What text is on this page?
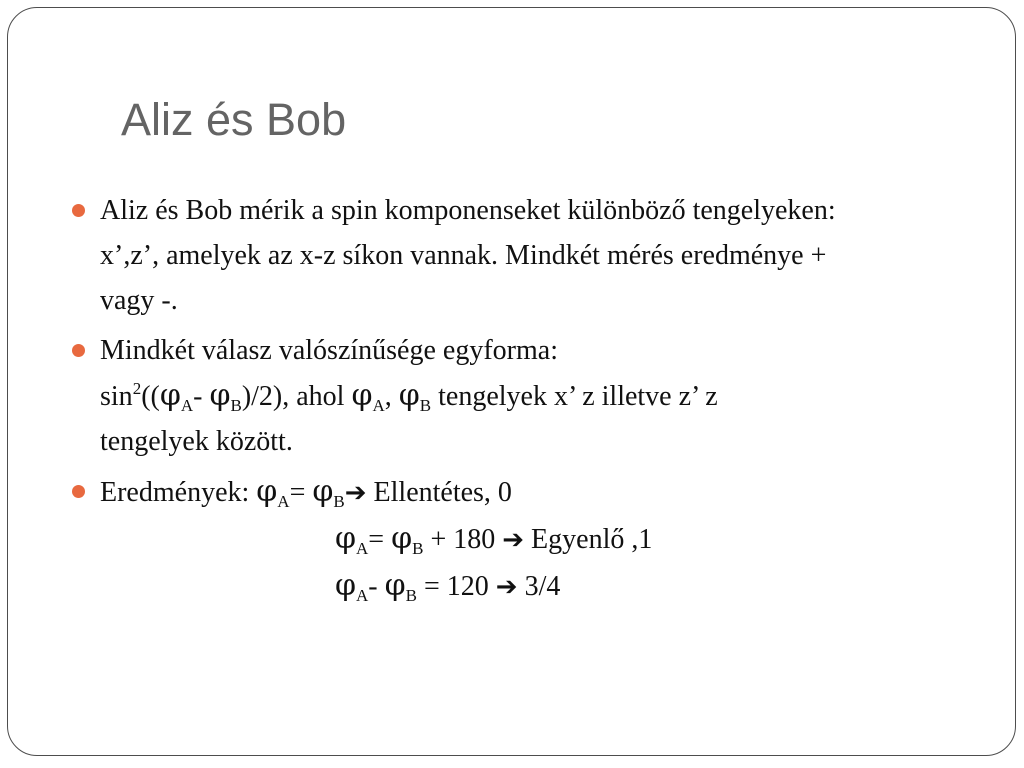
Aliz és Bob
Aliz és Bob mérik a spin komponenseket különböző tengelyeken:
x’,z’, amelyek az x-z síkon vannak. Mindkét mérés eredménye +
vagy -.
Mindkét válasz valószínűsége egyforma:
$\sin^2((\varphi_A-$ $\varphi_B)/2$), ahol $\varphi_A$, $\varphi_B$ tengelyek x’ z illetve z’ z
tengelyek között.
Eredmények: $\varphi_A=$ $\varphi_B➔$ Ellentétes, 0
$\varphi_A= \varphi_B + 180$ ➔ Egyenlő ,1
$\varphi_A-$ $\varphi_B = 120$ ➔ 3/4
